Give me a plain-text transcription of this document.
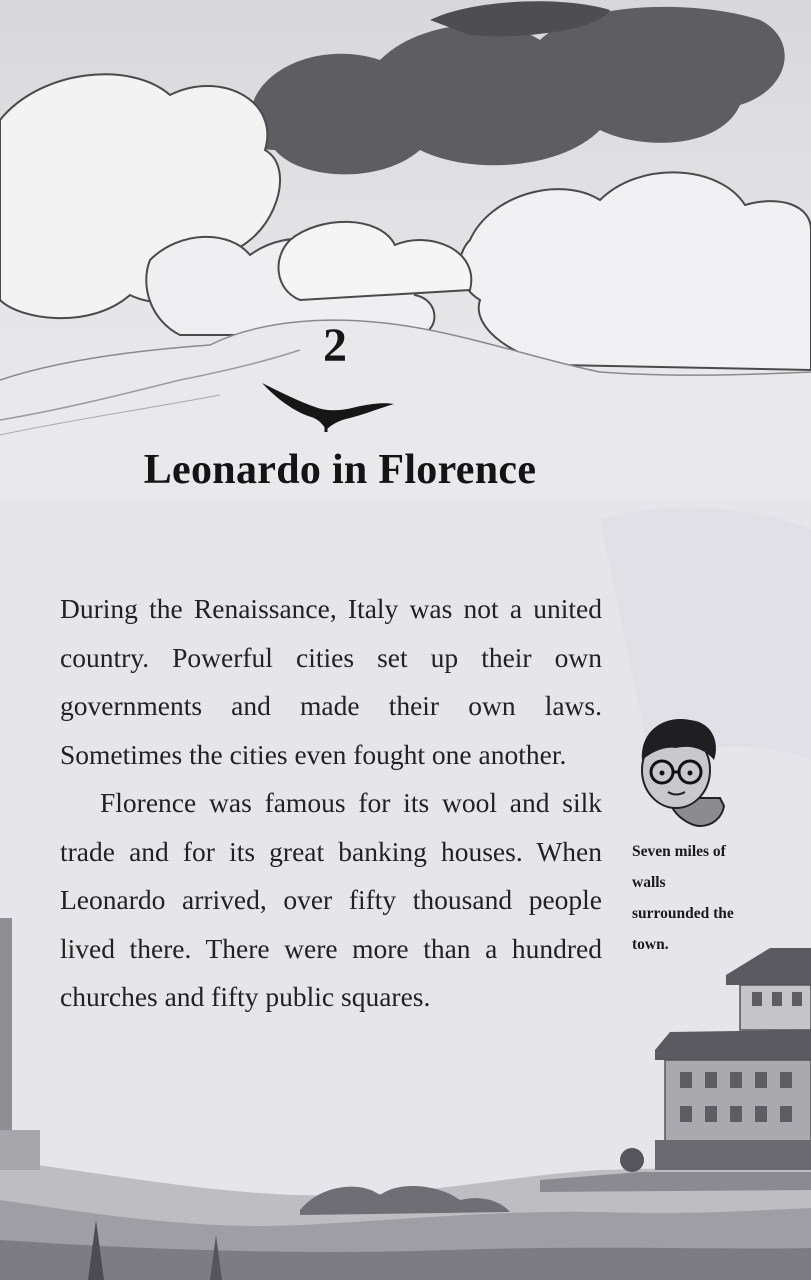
2
Leonardo in Florence

During the Renaissance, Italy was not a united country. Powerful cities set up their own governments and made their own laws. Sometimes the cities even fought one another.

Florence was famous for its wool and silk trade and for its great banking houses. When Leonardo arrived, over fifty thousand people lived there. There were more than a hundred churches and fifty public squares.

Seven miles of walls surrounded the town.
